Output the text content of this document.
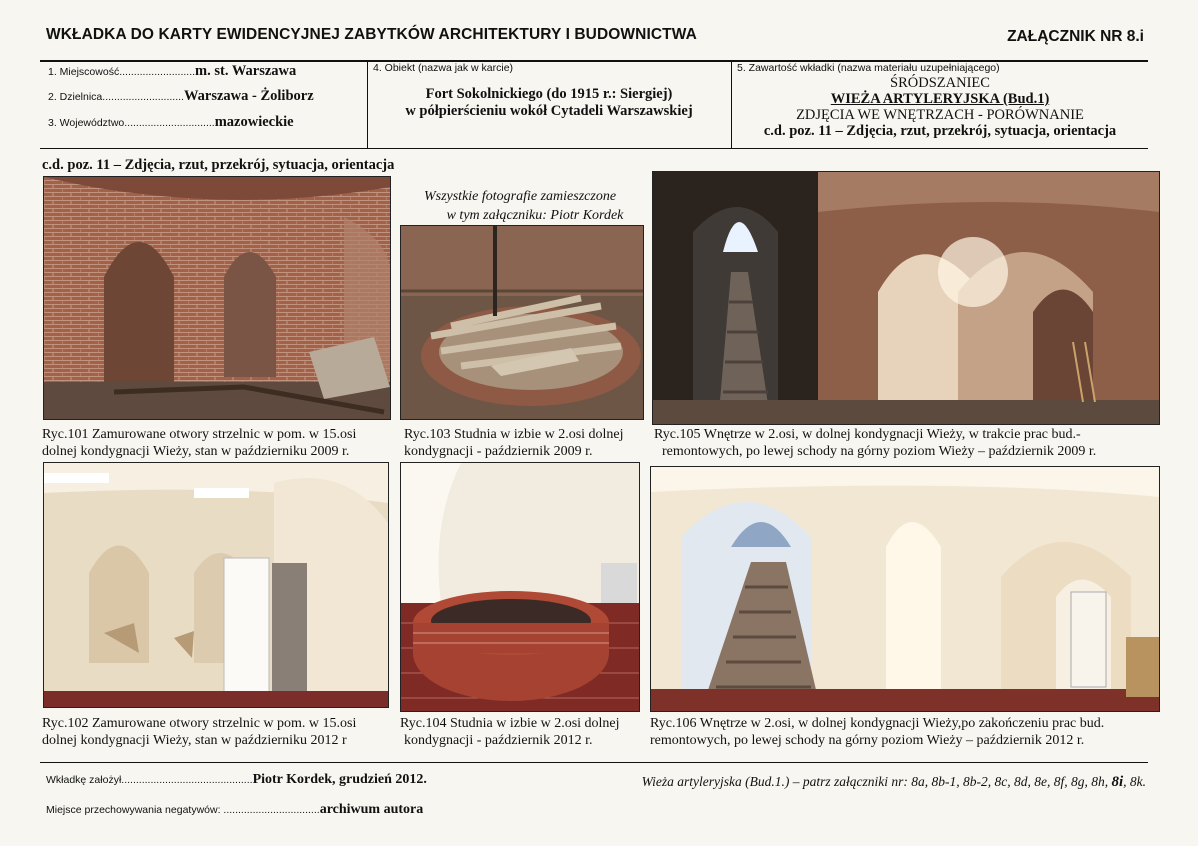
WKŁADKA DO KARTY EWIDENCYJNEJ ZABYTKÓW ARCHITEKTURY I BUDOWNICTWA	ZAŁĄCZNIK NR 8.i
1. Miejscowość..........................m. st. Warszawa
2. Dzielnica............................Warszawa - Żoliborz
3. Województwo...............................mazowieckie
4. Obiekt (nazwa jak w karcie)
Fort Sokolnickiego (do 1915 r.: Siergiej)
w półpierścieniu wokół Cytadeli Warszawskiej
5. Zawartość wkładki (nazwa materiału uzupełniającego)
ŚRÓDSZANIEC
WIEŻA ARTYLERYJSKA (Bud.1)
ZDJĘCIA WE WNĘTRZACH - PORÓWNANIE
c.d. poz. 11 – Zdjęcia, rzut, przekrój, sytuacja, orientacja
c.d. poz. 11 – Zdjęcia, rzut, przekrój, sytuacja, orientacja
Wszystkie fotografie zamieszczone
w tym załączniku: Piotr Kordek
Ryc.101 Zamurowane otwory strzelnic w pom. w 15.osi
dolnej kondygnacji Wieży, stan w październiku 2009 r.
Ryc.103 Studnia w izbie w 2.osi dolnej
kondygnacji - październik 2009 r.
Ryc.105 Wnętrze w 2.osi, w dolnej kondygnacji Wieży, w trakcie prac bud.-
remontowych, po lewej schody na górny poziom Wieży – październik 2009 r.
Ryc.102 Zamurowane otwory strzelnic w pom. w 15.osi
dolnej kondygnacji Wieży, stan w październiku 2012 r
Ryc.104 Studnia w izbie w 2.osi dolnej
kondygnacji - październik 2012 r.
Ryc.106 Wnętrze w 2.osi, w dolnej kondygnacji Wieży,po zakończeniu prac bud.
remontowych, po lewej schody na górny poziom Wieży – październik 2012 r.
Wkładkę założył.............................................Piotr Kordek, grudzień 2012.
Miejsce przechowywania negatywów: .................................archiwum autora
Wieża artyleryjska (Bud.1.) – patrz załączniki nr: 8a, 8b-1, 8b-2, 8c, 8d, 8e, 8f, 8g, 8h, 8i, 8k.
